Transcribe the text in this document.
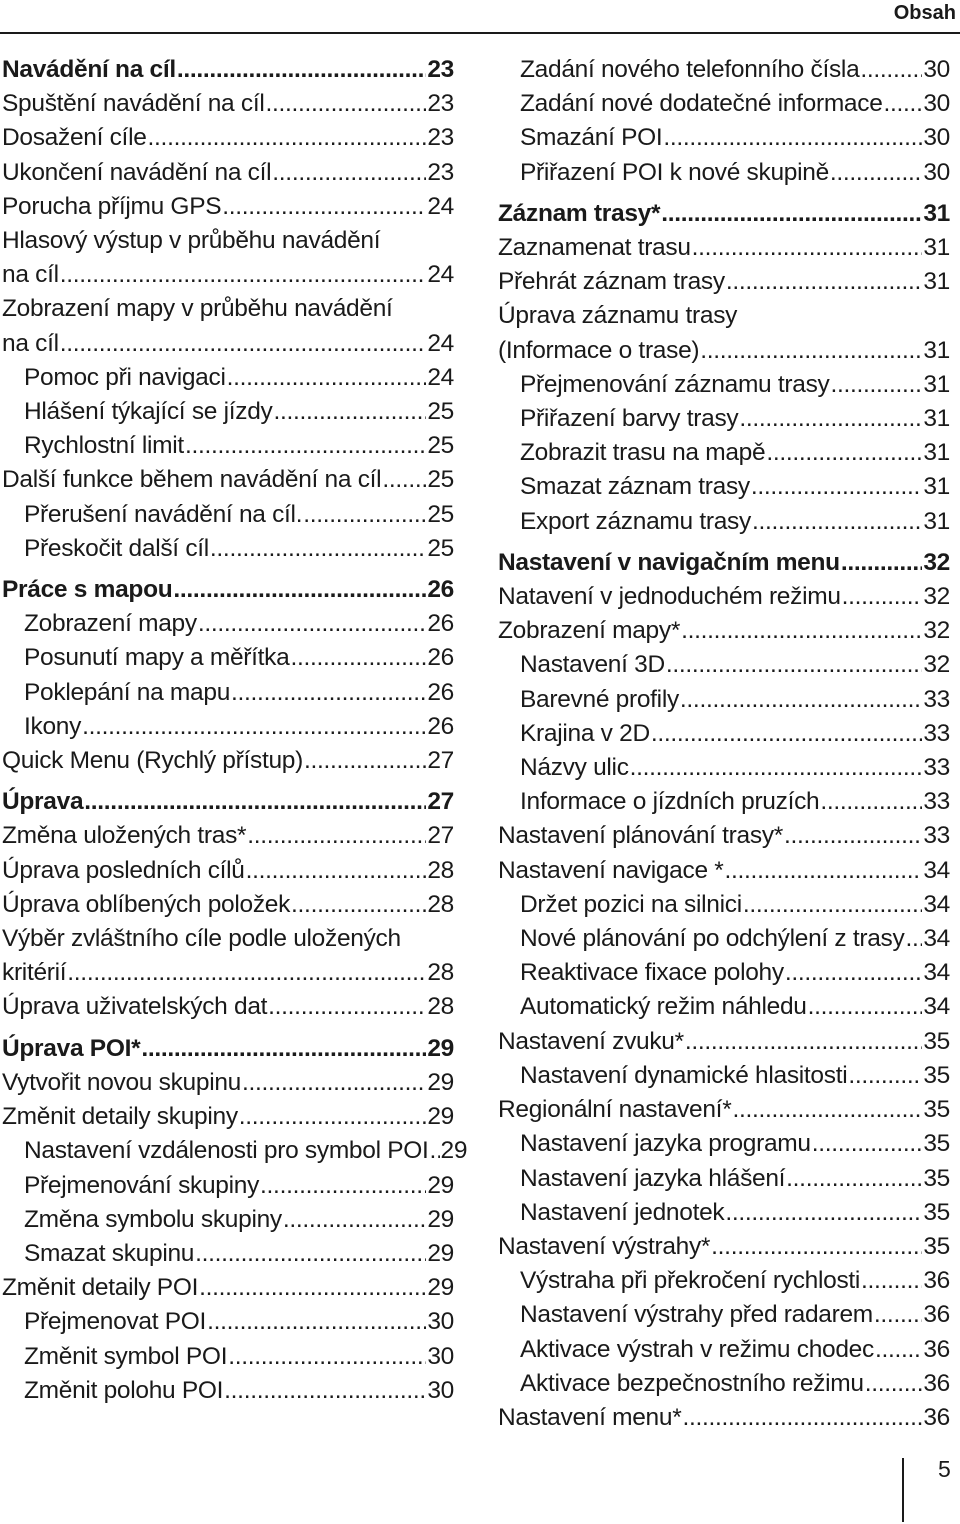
Obsah
Navádění na cíl .....	23
Spuštění navádění na cíl .....	23
Dosažení cíle .....	23
Ukončení navádění na cíl .....	23
Porucha příjmu GPS .....	24
Hlasový výstup v průběhu navádění
na cíl .....	24
Zobrazení mapy v průběhu navádění
na cíl .....	24
Pomoc při navigaci .....	24
Hlášení týkající se jízdy .....	25
Rychlostní limit .....	25
Další funkce během navádění na cíl ..... 25
Přerušení navádění na cíl. .....	25
Přeskočit další cíl .....	25
Práce s mapou .....	26
Zobrazení mapy .....	26
Posunutí mapy a měřítka .....	26
Poklepání na mapu .....	26
Ikony .....	26
Quick Menu (Rychlý přístup) .....	27
Úprava .....	27
Změna uložených tras* .....	27
Úprava posledních cílů .....	28
Úprava oblíbených položek .....	28
Výběr zvláštního cíle podle uložených
kritérií .....	28
Úprava uživatelských dat .....	28
Úprava POI* .....	29
Vytvořit novou skupinu .....	29
Změnit detaily skupiny .....	29
Nastavení vzdálenosti pro symbol POI ..... 29
Přejmenování skupiny .....	29
Změna symbolu skupiny .....	29
Smazat skupinu .....	29
Změnit detaily POI .....	29
Přejmenovat POI .....	30
Změnit symbol POI .....	30
Změnit polohu POI .....	30
Zadání nového telefonního čísla .....	30
Zadání nové dodatečné informace ..... 30
Smazání POI .....	30
Přiřazení POI k nové skupině .....	30
Záznam trasy* .....	31
Zaznamenat trasu .....	31
Přehrát záznam trasy .....	31
Úprava záznamu trasy
(Informace o trase) .....	31
Přejmenování záznamu trasy .....	31
Přiřazení barvy trasy .....	31
Zobrazit trasu na mapě .....	31
Smazat záznam trasy .....	31
Export záznamu trasy .....	31
Nastavení v navigačním menu .....	32
Natavení v jednoduchém režimu .....	32
Zobrazení mapy* .....	32
Nastavení 3D .....	32
Barevné profily .....	33
Krajina v 2D .....	33
Názvy ulic .....	33
Informace o jízdních pruzích .....	33
Nastavení plánování trasy* .....	33
Nastavení navigace * .....	34
Držet pozici na silnici .....	34
Nové plánování po odchýlení z trasy ..... 34
Reaktivace fixace polohy .....	34
Automatický režim náhledu .....	34
Nastavení zvuku* .....	35
Nastavení dynamické hlasitosti .....	35
Regionální nastavení* .....	35
Nastavení jazyka programu .....	35
Nastavení jazyka hlášení .....	35
Nastavení jednotek .....	35
Nastavení výstrahy* .....	35
Výstraha při překročení rychlosti .....	36
Nastavení výstrahy před radarem ..... 36
Aktivace výstrah v režimu chodec ..... 36
Aktivace bezpečnostního režimu ..... 36
Nastavení menu* .....	36
5
